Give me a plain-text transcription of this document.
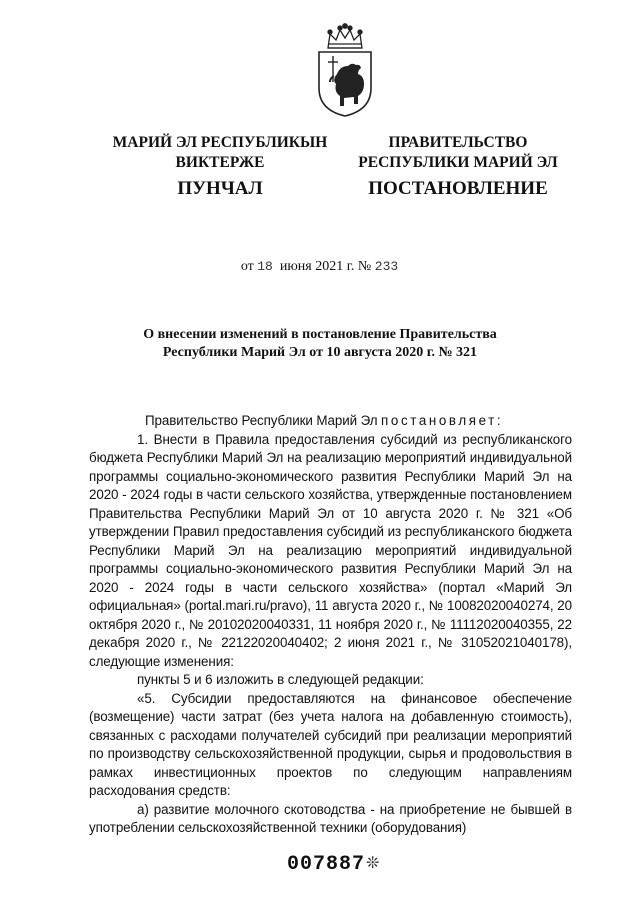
МАРИЙ ЭЛ РЕСПУБЛИКЫН
ВИКТЕРЖЕ
ПУНЧАЛ
ПРАВИТЕЛЬСТВО
РЕСПУБЛИКИ МАРИЙ ЭЛ
ПОСТАНОВЛЕНИЕ
от 18 июня 2021 г. № 233
О внесении изменений в постановление Правительства
Республики Марий Эл от 10 августа 2020 г. № 321

Правительство Республики Марий Эл постановляет:

1. Внести в Правила предоставления субсидий из республиканского бюджета Республики Марий Эл на реализацию мероприятий индивидуальной программы социально-экономического развития Республики Марий Эл на 2020 - 2024 годы в части сельского хозяйства, утвержденные постановлением Правительства Республики Марий Эл от 10 августа 2020 г. № 321 «Об утверждении Правил предоставления субсидий из республиканского бюджета Республики Марий Эл на реализацию мероприятий индивидуальной программы социально-экономического развития Республики Марий Эл на 2020 - 2024 годы в части сельского хозяйства» (портал «Марий Эл официальная» (portal.mari.ru/pravo), 11 августа 2020 г., № 10082020040274, 20 октября 2020 г., № 20102020040331, 11 ноября 2020 г., № 11112020040355, 22 декабря 2020 г., № 22122020040402; 2 июня 2021 г., № 31052021040178), следующие изменения:

пункты 5 и 6 изложить в следующей редакции:

«5. Субсидии предоставляются на финансовое обеспечение (возмещение) части затрат (без учета налога на добавленную стоимость), связанных с расходами получателей субсидий при реализации мероприятий по производству сельскохозяйственной продукции, сырья и продовольствия в рамках инвестиционных проектов по следующим направлениям расходования средств:

а) развитие молочного скотоводства - на приобретение не бывшей в употреблении сельскохозяйственной техники (оборудования)

007887 ❊
